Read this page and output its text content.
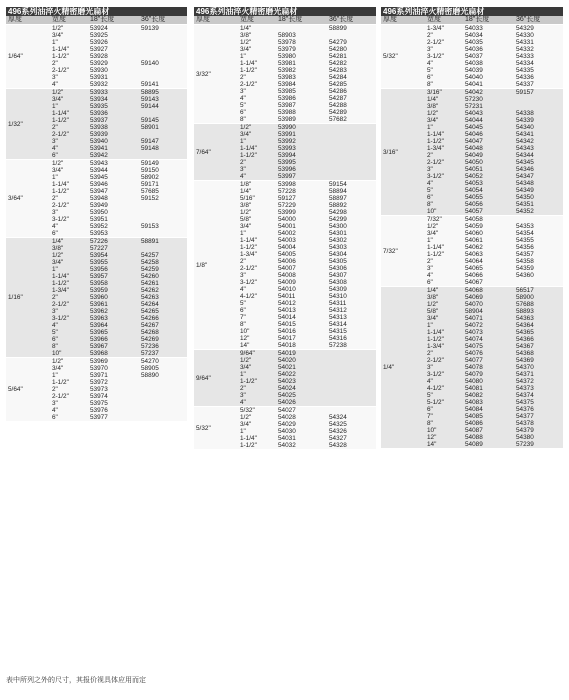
496系列油淬火精密磨光扁材
厚度	宽度	18"长度	36"长度
1/64"	1/2"	53924	59139
	3/4"	53925	
	1"	53926	
	1-1/4"	53927	
	1-1/2"	53928	
	2"	53929	59140
	2-1/2"	53930	
	3"	53931	
	4"	53932	59141
1/32"	1/2"	53933	58895
	3/4"	53934	59143
	1"	53935	59144
	1-1/4"	53936	
	1-1/2"	53937	59145
	2"	53938	58901
	2-1/2"	53939	
	3"	53940	59147
	4"	53941	59148
	6"	53942	
3/64"	1/2"	53943	59149
	3/4"	53944	59150
	1"	53945	58902
	1-1/4"	53946	59171
	1-1/2"	53947	57685
	2"	53948	59152
	2-1/2"	53949	
	3"	53950	
	3-1/2"	53951	
	4"	53952	59153
	6"	53953	
1/16"	1/4"	57226	58891
	3/8"	57227	
	1/2"	53954	54257
	3/4"	53955	54258
	1"	53956	54259
	1-1/4"	53957	54260
	1-1/2"	53958	54261
	1-3/4"	53959	54262
	2"	53960	54263
	2-1/2"	53961	54264
	3"	53962	54265
	3-1/2"	53963	54266
	4"	53964	54267
	5"	53965	54268
	6"	53966	54269
	8"	53967	57236
	10"	53968	57237
5/64"	1/2"	53969	54270
	3/4"	53970	58905
	1"	53971	58890
	1-1/2"	53972	
	2"	53973	
	2-1/2"	53974	
	3"	53975	
	4"	53976	
	6"	53977	
496系列油淬火精密磨光扁材
厚度	宽度	18"长度	36"长度
3/32"	1/4"		58899
	3/8"	58903	
	1/2"	53978	54279
	3/4"	53979	54280
	1"	53980	54281
	1-1/4"	53981	54282
	1-1/2"	53982	54283
	2"	53983	54284
	2-1/2"	53984	54285
	3"	53985	54286
	4"	53986	54287
	5"	53987	54288
	6"	53988	54289
	8"	53989	57682
7/64"	1/2"	53990	
	3/4"	53991	
	1"	53992	
	1-1/4"	53993	
	1-1/2"	53994	
	2"	53995	
	3"	53996	
	4"	53997	
1/8"	1/8"	53998	59154
	1/4"	57228	58894
	5/16"	59127	58897
	3/8"	57229	58892
	1/2"	53999	54298
	5/8"	54000	54299
	3/4"	54001	54300
	1"	54002	54301
	1-1/4"	54003	54302
	1-1/2"	54004	54303
	1-3/4"	54005	54304
	2"	54006	54305
	2-1/2"	54007	54306
	3"	54008	54307
	3-1/2"	54009	54308
	4"	54010	54309
	4-1/2"	54011	54310
	5"	54012	54311
	6"	54013	54312
	7"	54014	54313
	8"	54015	54314
	10"	54016	54315
	12"	54017	54316
	14"	54018	57238
9/64"	9/64"	54019	
	1/2"	54020	
	3/4"	54021	
	1"	54022	
	1-1/2"	54023	
	2"	54024	
	3"	54025	
	4"	54026	
5/32"	5/32"	54027	
	1/2"	54028	54324
	3/4"	54029	54325
	1"	54030	54326
	1-1/4"	54031	54327
	1-1/2"	54032	54328
496系列油淬火精密磨光扁材
厚度	宽度	18"长度	36"长度
5/32"	1-3/4"	54033	54329
	2"	54034	54330
	2-1/2"	54035	54331
	3"	54036	54332
	3-1/2"	54037	54333
	4"	54038	54334
	5"	54039	54335
	6"	54040	54336
	8"	54041	54337
3/16"	3/16"	54042	59157
	1/4"	57230	
	3/8"	57231	
	1/2"	54043	54338
	3/4"	54044	54339
	1"	54045	54340
	1-1/4"	54046	54341
	1-1/2"	54047	54342
	1-3/4"	54048	54343
	2"	54049	54344
	2-1/2"	54050	54345
	3"	54051	54346
	3-1/2"	54052	54347
	4"	54053	54348
	5"	54054	54349
	6"	54055	54350
	8"	54056	54351
	10"	54057	54352
7/32"	7/32"	54058	
	1/2"	54059	54353
	3/4"	54060	54354
	1"	54061	54355
	1-1/4"	54062	54356
	1-1/2"	54063	54357
	2"	54064	54358
	3"	54065	54359
	4"	54066	54360
	6"	54067	
1/4"	1/4"	54068	56517
	3/8"	54069	58900
	1/2"	54070	57688
	5/8"	58904	58893
	3/4"	54071	54363
	1"	54072	54364
	1-1/4"	54073	54365
	1-1/2"	54074	54366
	1-3/4"	54075	54367
	2"	54076	54368
	2-1/2"	54077	54369
	3"	54078	54370
	3-1/2"	54079	54371
	4"	54080	54372
	4-1/2"	54081	54373
	5"	54082	54374
	5-1/2"	54083	54375
	6"	54084	54376
	7"	54085	54377
	8"	54086	54378
	10"	54087	54379
	12"	54088	54380
	14"	54089	57239
表中所列之外的尺寸，其报价视具体应用而定
